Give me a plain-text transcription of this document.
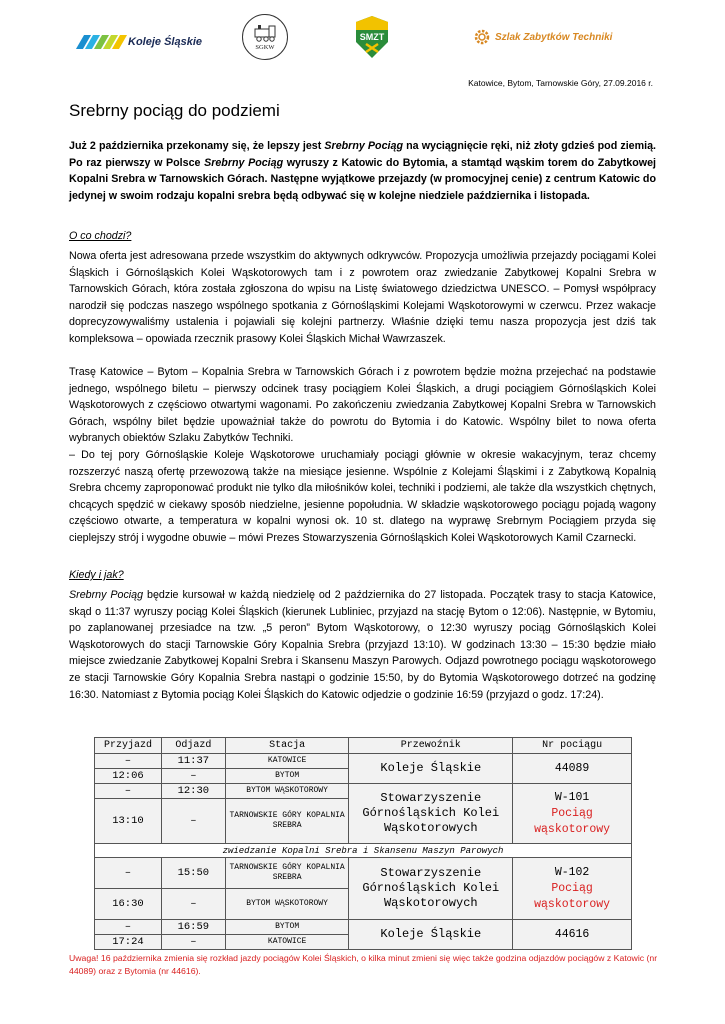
Koleje Śląskie	SGKW
SMZT	Szlak Zabytków Techniki
Katowice, Bytom, Tarnowskie Góry, 27.09.2016 r.
Srebrny pociąg do podziemi
Już 2 października przekonamy się, że lepszy jest Srebrny Pociąg na wyciągnięcie ręki, niż złoty gdzieś pod ziemią. Po raz pierwszy w Polsce Srebrny Pociąg wyruszy z Katowic do Bytomia, a stamtąd wąskim torem do Zabytkowej Kopalni Srebra w Tarnowskich Górach. Następne wyjątkowe przejazdy (w promocyjnej cenie) z centrum Katowic do jedynej w swoim rodzaju kopalni srebra będą odbywać się w kolejne niedziele października i listopada.
O co chodzi?
Nowa oferta jest adresowana przede wszystkim do aktywnych odkrywców. Propozycja umożliwia przejazdy pociągami Kolei Śląskich i Górnośląskich Kolei Wąskotorowych tam i z powrotem oraz zwiedzanie Zabytkowej Kopalni Srebra w Tarnowskich Górach, która została zgłoszona do wpisu na Listę światowego dziedzictwa UNESCO. – Pomysł współpracy narodził się podczas naszego wspólnego spotkania z Górnośląskimi Kolejami Wąskotorowymi w czerwcu. Przez wakacje doprecyzowywaliśmy ustalenia i pojawiali się kolejni partnerzy. Właśnie dzięki temu nasza propozycja jest dziś tak kompleksowa – opowiada rzecznik prasowy Kolei Śląskich Michał Wawrzaszek.
Trasę Katowice – Bytom – Kopalnia Srebra w Tarnowskich Górach i z powrotem będzie można przejechać na podstawie jednego, wspólnego biletu – pierwszy odcinek trasy pociągiem Kolei Śląskich, a drugi pociągiem Górnośląskich Kolei Wąskotorowych z częściowo otwartymi wagonami. Po zakończeniu zwiedzania Zabytkowej Kopalni Srebra w Tarnowskich Górach, wspólny bilet będzie upoważniał także do powrotu do Bytomia i do Katowic. Wspólny bilet to nowa oferta wybranych obiektów Szlaku Zabytków Techniki.
– Do tej pory Górnośląskie Koleje Wąskotorowe uruchamiały pociągi głównie w okresie wakacyjnym, teraz chcemy rozszerzyć naszą ofertę przewozową także na miesiące jesienne. Wspólnie z Kolejami Śląskimi i z Zabytkową Kopalnią Srebra chcemy zaproponować produkt nie tylko dla miłośników kolei, techniki i podziemi, ale także dla wszystkich chętnych, chcących spędzić w ciekawy sposób niedzielne, jesienne popołudnia. W składzie wąskotorowego pociągu pojadą wagony częściowo otwarte, a temperatura w kopalni wynosi ok. 10 st. dlatego na wyprawę Srebrnym Pociągiem przyda się cieplejszy strój i wygodne obuwie – mówi Prezes Stowarzyszenia Górnośląskich Kolei Wąskotorowych Kamil Czarnecki.
Kiedy i jak?
Srebrny Pociąg będzie kursował w każdą niedzielę od 2 października do 27 listopada. Początek trasy to stacja Katowice, skąd o 11:37 wyruszy pociąg Kolei Śląskich (kierunek Lubliniec, przyjazd na stację Bytom o 12:06). Następnie, w Bytomiu, po zaplanowanej przesiadce na tzw. „5 peron” Bytom Wąskotorowy, o 12:30 wyruszy pociąg Górnośląskich Kolei Wąskotorowych do stacji Tarnowskie Góry Kopalnia Srebra (przyjazd 13:10). W godzinach 13:30 – 15:30 będzie miało miejsce zwiedzanie Zabytkowej Kopalni Srebra i Skansenu Maszyn Parowych. Odjazd powrotnego pociągu wąskotorowego ze stacji Tarnowskie Góry Kopalnia Srebra nastąpi o godzinie 15:50, by do Bytomia Wąskotorowego dotrzeć na godzinę 16:30. Natomiast z Bytomia pociąg Kolei Śląskich do Katowic odjedzie o godzinie 16:59 (przyjazd o godz. 17:24).
Przyjazd	Odjazd	Stacja	Przewoźnik	Nr pociągu
–	11:37	KATOWICE	Koleje Śląskie	44089
12:06	–	BYTOM		
–	12:30	BYTOM WĄSKOTOROWY	Stowarzyszenie Górnośląskich Kolei Wąskotorowych	W-101
Pociąg wąskotorowy

13:10	–	TARNOWSKIE GÓRY KOPALNIA SREBRA		
zwiedzanie Kopalni Srebra i Skansenu Maszyn Parowych				
–	15:50	TARNOWSKIE GÓRY KOPALNIA SREBRA	Stowarzyszenie Górnośląskich Kolei Wąskotorowych	W-102
Pociąg wąskotorowy

16:30	–	BYTOM WĄSKOTOROWY		
–	16:59	BYTOM	Koleje Śląskie	44616
17:24	–	KATOWICE		
Uwaga! 16 października zmienia się rozkład jazdy pociągów Kolei Śląskich, o kilka minut zmieni się więc także godzina odjazdów pociągów z Katowic (nr 44089) oraz z Bytomia (nr 44616).
